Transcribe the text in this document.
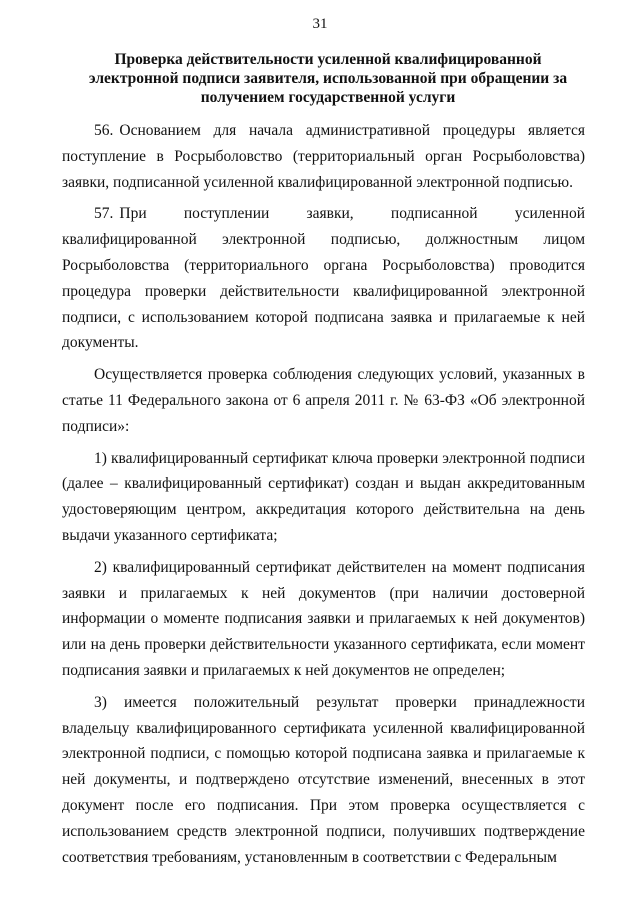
31
Проверка действительности усиленной квалифицированной
электронной подписи заявителя, использованной при обращении за
получением государственной услуги

56. Основанием для начала административной процедуры является поступление в Росрыболовство (территориальный орган Росрыболовства) заявки, подписанной усиленной квалифицированной электронной подписью.

57. При поступлении заявки, подписанной усиленной квалифицированной электронной подписью, должностным лицом Росрыболовства (территориального органа Росрыболовства) проводится процедура проверки действительности квалифицированной электронной подписи, с использованием которой подписана заявка и прилагаемые к ней документы.

Осуществляется проверка соблюдения следующих условий, указанных в статье 11 Федерального закона от 6 апреля 2011 г. № 63-ФЗ «Об электронной подписи»:

1) квалифицированный сертификат ключа проверки электронной подписи (далее – квалифицированный сертификат) создан и выдан аккредитованным удостоверяющим центром, аккредитация которого действительна на день выдачи указанного сертификата;

2) квалифицированный сертификат действителен на момент подписания заявки и прилагаемых к ней документов (при наличии достоверной информации о моменте подписания заявки и прилагаемых к ней документов) или на день проверки действительности указанного сертификата, если момент подписания заявки и прилагаемых к ней документов не определен;

3) имеется положительный результат проверки принадлежности владельцу квалифицированного сертификата усиленной квалифицированной электронной подписи, с помощью которой подписана заявка и прилагаемые к ней документы, и подтверждено отсутствие изменений, внесенных в этот документ после его подписания. При этом проверка осуществляется с использованием средств электронной подписи, получивших подтверждение соответствия требованиям, установленным в соответствии с Федеральным
